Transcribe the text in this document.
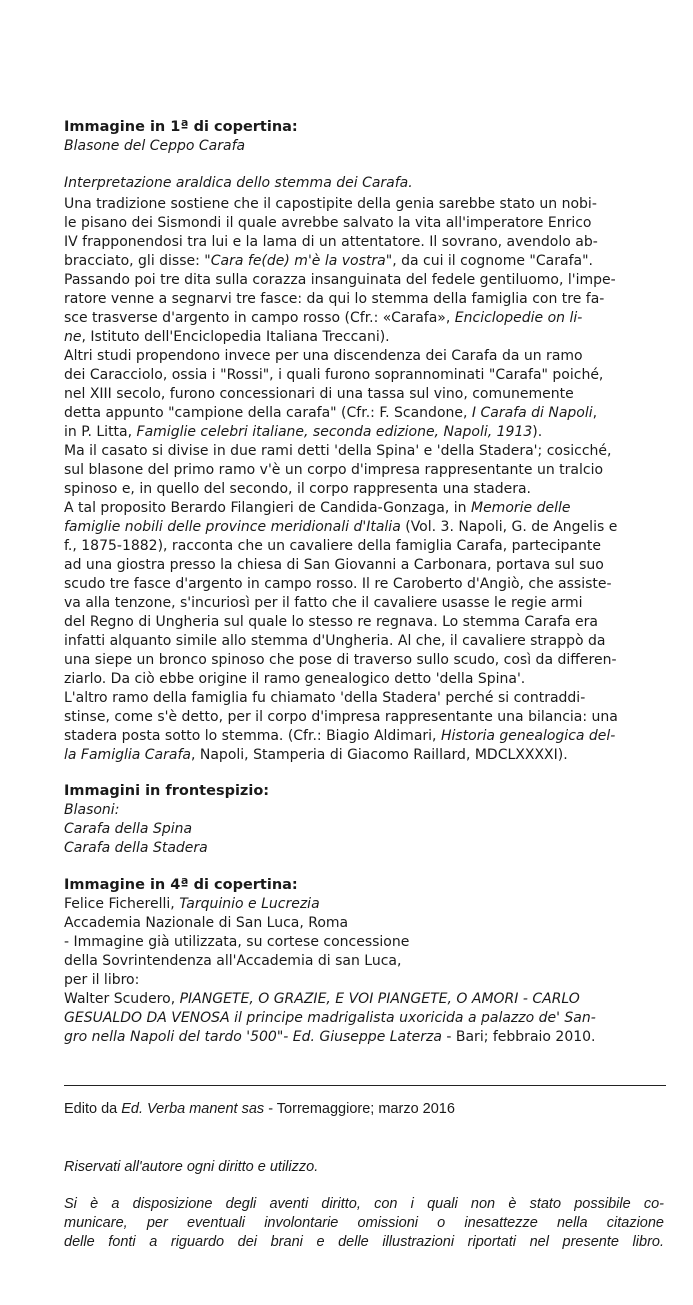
Immagine in 1ª di copertina:
Blasone del Ceppo Carafa
Interpretazione araldica dello stemma dei Carafa.
Una tradizione sostiene che il capostipite della genia sarebbe stato un nobi-
le pisano dei Sismondi il quale avrebbe salvato la vita all'imperatore Enrico
IV frapponendosi tra lui e la lama di un attentatore. Il sovrano, avendolo ab-
bracciato, gli disse: "Cara fe(de) m'è la vostra", da cui il cognome "Carafa".
Passando poi tre dita sulla corazza insanguinata del fedele gentiluomo, l'impe-
ratore venne a segnarvi tre fasce: da qui lo stemma della famiglia con tre fa-
sce trasverse d'argento in campo rosso (Cfr.: «Carafa», Enciclopedie on li-
ne, Istituto dell'Enciclopedia Italiana Treccani).
Altri studi propendono invece per una discendenza dei Carafa da un ramo
dei Caracciolo, ossia i "Rossi", i quali furono soprannominati "Carafa" poiché,
nel XIII secolo, furono concessionari di una tassa sul vino, comunemente
detta appunto "campione della carafa" (Cfr.: F. Scandone, I Carafa di Napoli,
in P. Litta, Famiglie celebri italiane, seconda edizione, Napoli, 1913).
Ma il casato si divise in due rami detti 'della Spina' e 'della Stadera'; cosicché,
sul blasone del primo ramo v'è un corpo d'impresa rappresentante un tralcio
spinoso e, in quello del secondo, il corpo rappresenta una stadera.
A tal proposito Berardo Filangieri de Candida-Gonzaga, in Memorie delle
famiglie nobili delle province meridionali d'Italia (Vol. 3. Napoli, G. de Angelis e
f., 1875-1882), racconta che un cavaliere della famiglia Carafa, partecipante
ad una giostra presso la chiesa di San Giovanni a Carbonara, portava sul suo
scudo tre fasce d'argento in campo rosso. Il re Caroberto d'Angiò, che assiste-
va alla tenzone, s'incuriosì per il fatto che il cavaliere usasse le regie armi
del Regno di Ungheria sul quale lo stesso re regnava. Lo stemma Carafa era
infatti alquanto simile allo stemma d'Ungheria. Al che, il cavaliere strappò da
una siepe un bronco spinoso che pose di traverso sullo scudo, così da differen-
ziarlo. Da ciò ebbe origine il ramo genealogico detto 'della Spina'.
L'altro ramo della famiglia fu chiamato 'della Stadera' perché si contraddi-
stinse, come s'è detto, per il corpo d'impresa rappresentante una bilancia: una
stadera posta sotto lo stemma. (Cfr.: Biagio Aldimari, Historia genealogica del-
la Famiglia Carafa, Napoli, Stamperia di Giacomo Raillard, MDCLXXXXI).
Immagini in frontespizio:
Blasoni:
Carafa della Spina
Carafa della Stadera
Immagine in 4ª di copertina:
Felice Ficherelli, Tarquinio e Lucrezia
Accademia Nazionale di San Luca, Roma
- Immagine già utilizzata, su cortese concessione
della Sovrintendenza all'Accademia di san Luca,
per il libro:
Walter Scudero, PIANGETE, O GRAZIE, E VOI PIANGETE, O AMORI - CARLO
GESUALDO DA VENOSA il principe madrigalista uxoricida a palazzo de' San-
gro nella Napoli del tardo '500"- Ed. Giuseppe Laterza - Bari; febbraio 2010.
Edito da Ed. Verba manent sas - Torremaggiore; marzo 2016
Riservati all'autore ogni diritto e utilizzo.
Si è a disposizione degli aventi diritto, con i quali non è stato possibile co-
municare, per eventuali involontarie omissioni o inesattezze nella citazione
delle fonti a riguardo dei brani e delle illustrazioni riportati nel presente libro.
